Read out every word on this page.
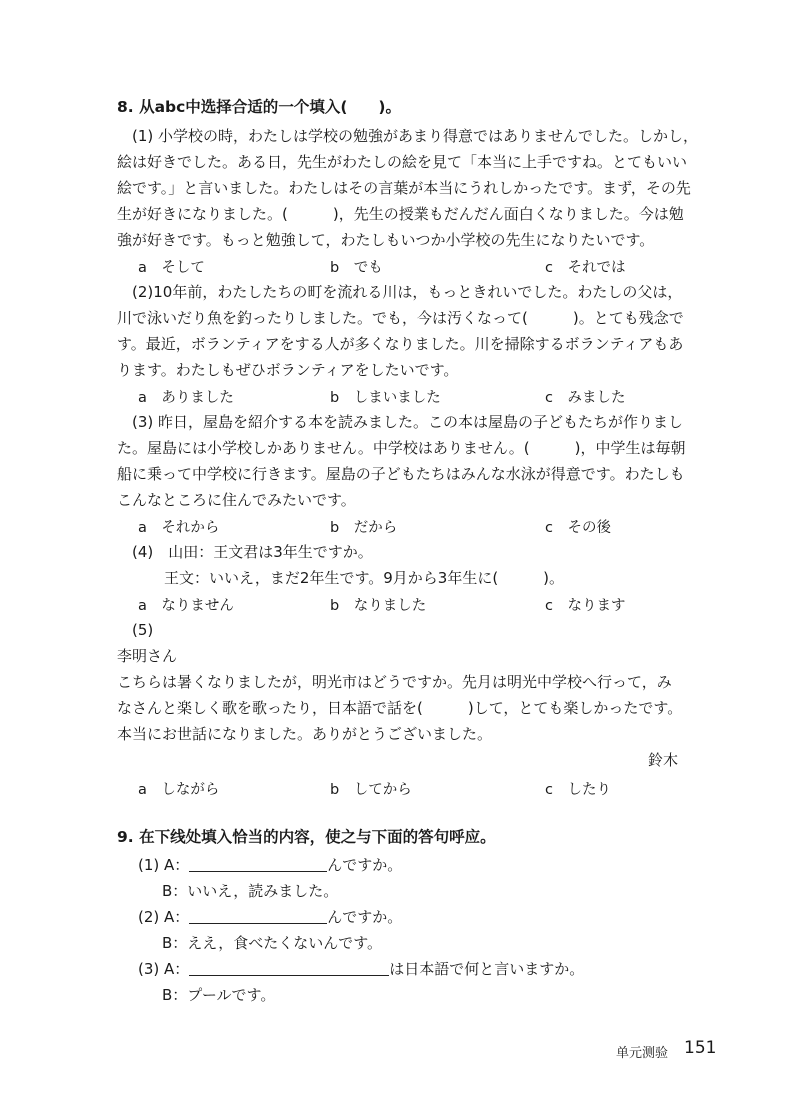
8. 从abc中选择合适的一个填入(　　)。
(1) 小学校の時，わたしは学校の勉強があまり得意ではありませんでした。しかし，
絵は好きでした。ある日，先生がわたしの絵を見て「本当に上手ですね。とてもいい
絵です。」と言いました。わたしはその言葉が本当にうれしかったです。まず，その先
生が好きになりました。(　　　)，先生の授業もだんだん面白くなりました。今は勉
強が好きです。もっと勉強して，わたしもいつか小学校の先生になりたいです。
a　そして	b　でも	c　それでは
(2)10年前，わたしたちの町を流れる川は，もっときれいでした。わたしの父は，
川で泳いだり魚を釣ったりしました。でも，今は汚くなって(　　　)。とても残念で
す。最近，ボランティアをする人が多くなりました。川を掃除するボランティアもあ
ります。わたしもぜひボランティアをしたいです。
a　ありました	b　しまいました	c　みました
(3) 昨日，屋島を紹介する本を読みました。この本は屋島の子どもたちが作りまし
た。屋島には小学校しかありません。中学校はありません。(　　　)，中学生は毎朝
船に乗って中学校に行きます。屋島の子どもたちはみんな水泳が得意です。わたしも
こんなところに住んでみたいです。
a　それから	b　だから	c　その後
(4)　山田：王文君は3年生ですか。
王文：いいえ，まだ2年生です。9月から3年生に(　　　)。
a　なりません	b　なりました	c　なります
(5)
李明さん
こちらは暑くなりましたが，明光市はどうですか。先月は明光中学校へ行って，み
なさんと楽しく歌を歌ったり，日本語で話を(　　　)して，とても楽しかったです。
本当にお世話になりました。ありがとうございました。
鈴木
a　しながら	b　してから	c　したり
9. 在下线处填入恰当的内容，使之与下面的答句呼应。
(1) A：	んですか。
B：いいえ，読みました。
(2) A：	んですか。
B：ええ，食べたくないんです。
(3) A：	は日本語で何と言いますか。
B：プールです。
单元测验 151
